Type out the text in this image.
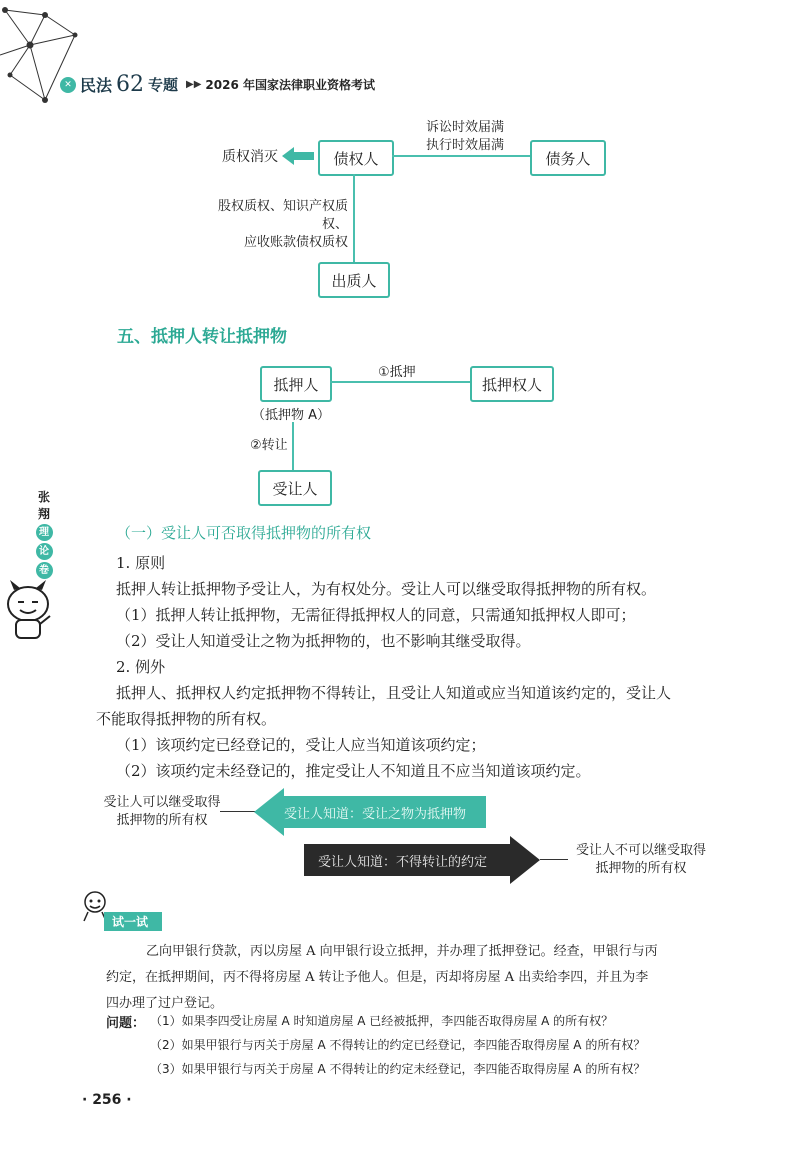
✕ 民法 62 专题 ▶▶ 2026 年国家法律职业资格考试
债权人	债务人
出质人
诉讼时效届满
执行时效届满
质权消灭
股权质权、知识产权质权、
应收账款债权质权
五、抵押人转让抵押物
抵押人	抵押权人
受让人
①抵押
（抵押物 A）
②转让
张
翔
理
论
卷
（一）受让人可否取得抵押物的所有权
1. 原则
抵押人转让抵押物予受让人，为有权处分。受让人可以继受取得抵押物的所有权。
（1）抵押人转让抵押物，无需征得抵押权人的同意，只需通知抵押权人即可；
（2）受让人知道受让之物为抵押物的，也不影响其继受取得。
2. 例外
抵押人、抵押权人约定抵押物不得转让，且受让人知道或应当知道该约定的，受让人
不能取得抵押物的所有权。
（1）该项约定已经登记的，受让人应当知道该项约定；
（2）该项约定未经登记的，推定受让人不知道且不应当知道该项约定。
受让人可以继受取得
抵押物的所有权	受让人知道：受让之物为抵押物
受让人知道：不得转让的约定
受让人不可以继受取得
抵押物的所有权
试一试
乙向甲银行贷款，丙以房屋 A 向甲银行设立抵押，并办理了抵押登记。经查，甲银行与丙
约定，在抵押期间，丙不得将房屋 A 转让予他人。但是，丙却将房屋 A 出卖给李四，并且为李
四办理了过户登记。
问题： （1）如果李四受让房屋 A 时知道房屋 A 已经被抵押，李四能否取得房屋 A 的所有权？
（2）如果甲银行与丙关于房屋 A 不得转让的约定已经登记，李四能否取得房屋 A 的所有权？
（3）如果甲银行与丙关于房屋 A 不得转让的约定未经登记，李四能否取得房屋 A 的所有权？
· 256 ·
